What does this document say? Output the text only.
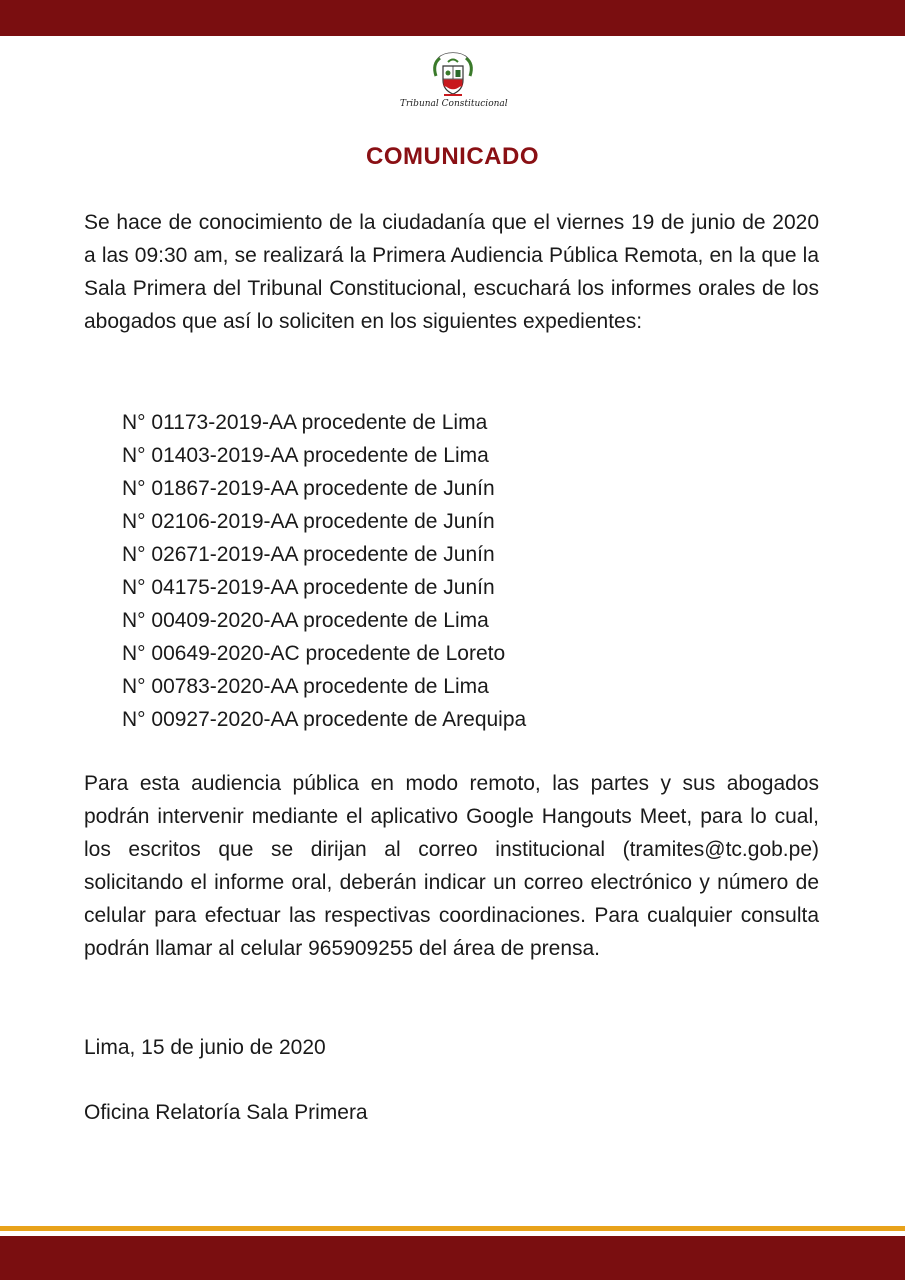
Tribunal Constitucional
COMUNICADO

Se hace de conocimiento de la ciudadanía que el viernes 19 de junio de 2020 a las 09:30 am, se realizará la Primera Audiencia Pública Remota, en la que la Sala Primera del Tribunal Constitucional, escuchará los informes orales de los abogados que así lo soliciten en los siguientes expedientes:

N° 01173-2019-AA procedente de Lima
N° 01403-2019-AA procedente de Lima
N° 01867-2019-AA procedente de Junín
N° 02106-2019-AA procedente de Junín
N° 02671-2019-AA procedente de Junín
N° 04175-2019-AA procedente de Junín
N° 00409-2020-AA procedente de Lima
N° 00649-2020-AC procedente de Loreto
N° 00783-2020-AA procedente de Lima
N° 00927-2020-AA procedente de Arequipa

Para esta audiencia pública en modo remoto, las partes y sus abogados podrán intervenir mediante el aplicativo Google Hangouts Meet, para lo cual, los escritos que se dirijan al correo institucional (tramites@tc.gob.pe) solicitando el informe oral, deberán indicar un correo electrónico y número de celular para efectuar las respectivas coordinaciones. Para cualquier consulta podrán llamar al celular 965909255 del área de prensa.

Lima, 15 de junio de 2020
Oficina Relatoría Sala Primera
